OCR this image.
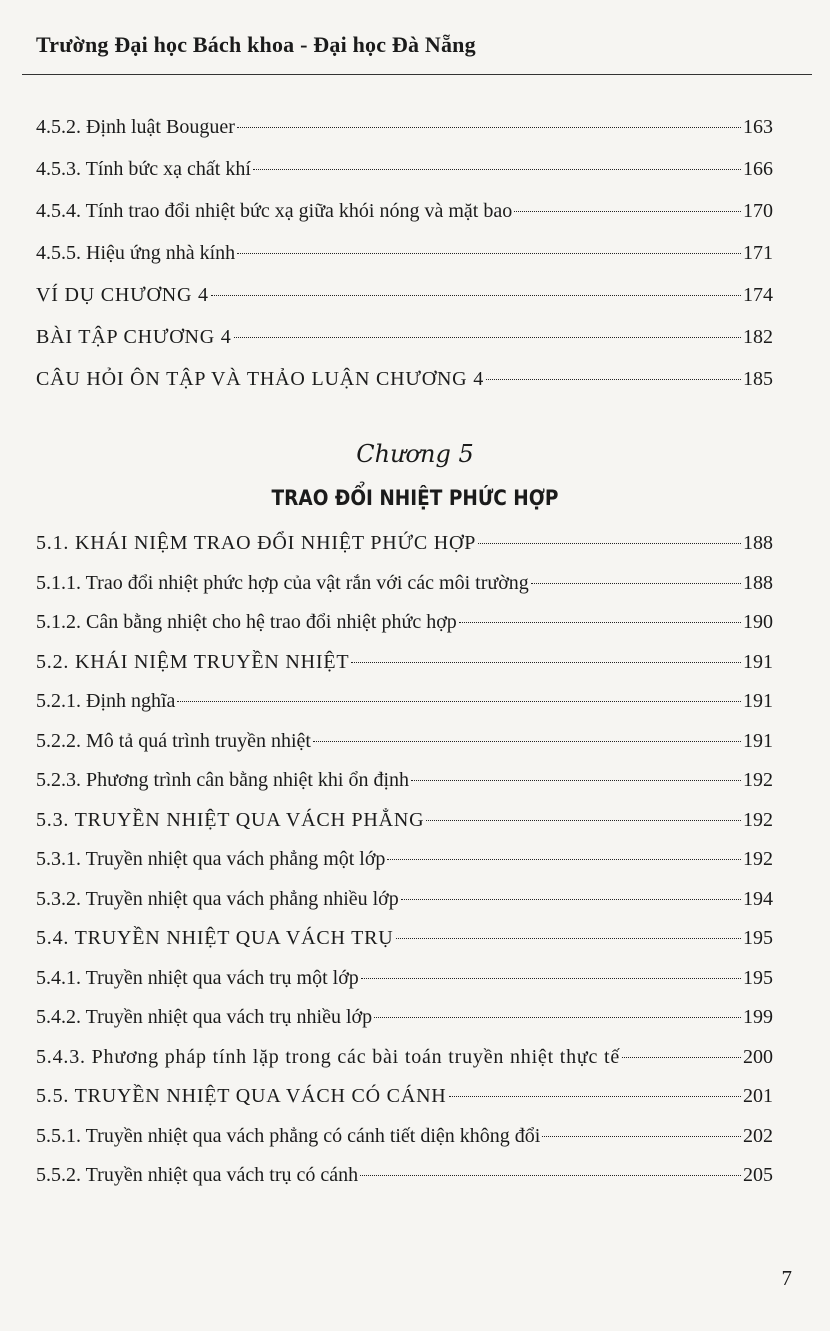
Trường Đại học Bách khoa - Đại học Đà Nẵng
4.5.2. Định luật Bouguer	163
4.5.3. Tính bức xạ chất khí	166
4.5.4. Tính trao đổi nhiệt bức xạ giữa khói nóng và mặt bao	170
4.5.5. Hiệu ứng nhà kính	171
VÍ DỤ CHƯƠNG 4	174
BÀI TẬP CHƯƠNG 4	182
CÂU HỎI ÔN TẬP VÀ THẢO LUẬN CHƯƠNG 4	185
Chương 5
TRAO ĐỔI NHIỆT PHỨC HỢP
5.1. KHÁI NIỆM TRAO ĐỔI NHIỆT PHỨC HỢP	188
5.1.1. Trao đổi nhiệt phức hợp của vật rắn với các môi trường	188
5.1.2. Cân bằng nhiệt cho hệ trao đổi nhiệt phức hợp	190
5.2. KHÁI NIỆM TRUYỀN NHIỆT	191
5.2.1. Định nghĩa	191
5.2.2. Mô tả quá trình truyền nhiệt	191
5.2.3. Phương trình cân bằng nhiệt khi ổn định	192
5.3. TRUYỀN NHIỆT QUA VÁCH PHẲNG	192
5.3.1. Truyền nhiệt qua vách phẳng một lớp	192
5.3.2. Truyền nhiệt qua vách phẳng nhiều lớp	194
5.4. TRUYỀN NHIỆT QUA VÁCH TRỤ	195
5.4.1. Truyền nhiệt qua vách trụ một lớp	195
5.4.2. Truyền nhiệt qua vách trụ nhiều lớp	199
5.4.3. Phương pháp tính lặp trong các bài toán truyền nhiệt thực tế	200
5.5. TRUYỀN NHIỆT QUA VÁCH CÓ CÁNH	201
5.5.1. Truyền nhiệt qua vách phẳng có cánh tiết diện không đổi	202
5.5.2. Truyền nhiệt qua vách trụ có cánh	205
7
